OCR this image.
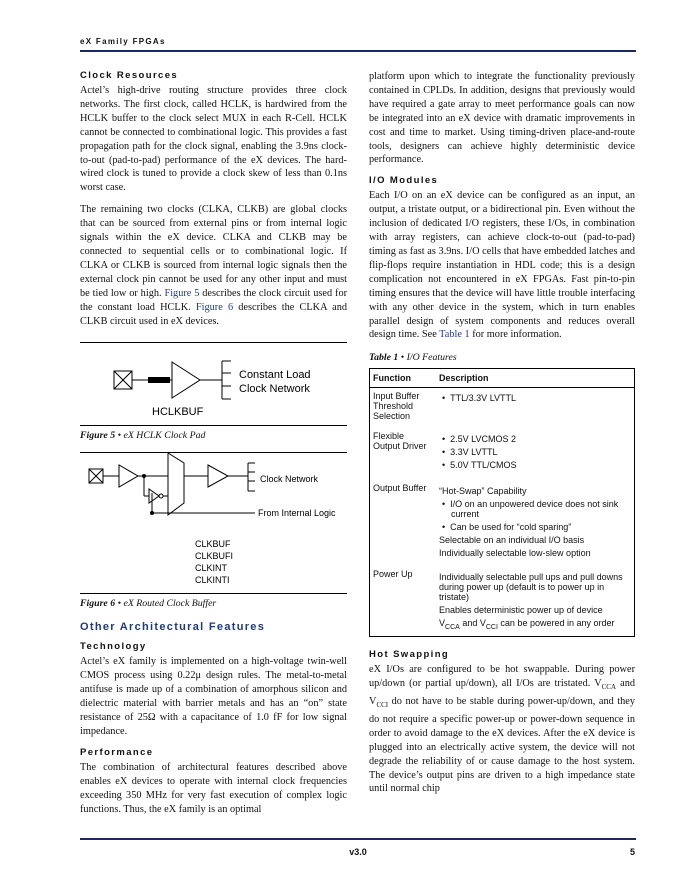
eX Family FPGAs
Clock Resources

Actel’s high-drive routing structure provides three clock networks. The first clock, called HCLK, is hardwired from the HCLK buffer to the clock select MUX in each R-Cell. HCLK cannot be connected to combinational logic. This provides a fast propagation path for the clock signal, enabling the 3.9ns clock-to-out (pad-to-pad) performance of the eX devices. The hard-wired clock is tuned to provide a clock skew of less than 0.1ns worst case.

The remaining two clocks (CLKA, CLKB) are global clocks that can be sourced from external pins or from internal logic signals within the eX device. CLKA and CLKB may be connected to sequential cells or to combinational logic. If CLKA or CLKB is sourced from internal logic signals then the external clock pin cannot be used for any other input and must be tied low or high. Figure 5 describes the clock circuit used for the constant load HCLK. Figure 6 describes the CLKA and CLKB circuit used in eX devices.

Constant Load
Clock Network
HCLKBUF

Figure 5 • eX HCLK Clock Pad

Clock Network
From Internal Logic
CLKBUF
CLKBUFI
CLKINT
CLKINTI

Figure 6 • eX Routed Clock Buffer

Other Architectural Features
Technology

Actel’s eX family is implemented on a high-voltage twin-well CMOS process using 0.22μ design rules. The metal-to-metal antifuse is made up of a combination of amorphous silicon and dielectric material with barrier metals and has an “on” state resistance of 25Ω with a capacitance of 1.0 fF for low signal impedance.

Performance

The combination of architectural features described above enables eX devices to operate with internal clock frequencies exceeding 350 MHz for very fast execution of complex logic functions. Thus, the eX family is an optimal

platform upon which to integrate the functionality previously contained in CPLDs. In addition, designs that previously would have required a gate array to meet performance goals can now be integrated into an eX device with dramatic improvements in cost and time to market. Using timing-driven place-and-route tools, designers can achieve highly deterministic device performance.

I/O Modules

Each I/O on an eX device can be configured as an input, an output, a tristate output, or a bidirectional pin. Even without the inclusion of dedicated I/O registers, these I/Os, in combination with array registers, can achieve clock-to-out (pad-to-pad) timing as fast as 3.9ns. I/O cells that have embedded latches and flip-flops require instantiation in HDL code; this is a design complication not encountered in eX FPGAs. Fast pin-to-pin timing ensures that the device will have little trouble interfacing with any other device in the system, which in turn enables parallel design of system components and reduces overall design time. See Table 1 for more information.

Table 1 • I/O Features

Function	Description
Input Buffer Threshold Selection	• TTL/3.3V LVTTL

Flexible Output Driver	• 2.5V LVCMOS 2
• 3.3V LVTTL
• 5.0V TTL/CMOS

Output Buffer	“Hot-Swap” Capability
• I/O on an unpowered device does not sink current
• Can be used for “cold sparing”
Selectable on an individual I/O basis
Individually selectable low-slew option

Power Up	Individually selectable pull ups and pull downs during power up (default is to power up in tristate)
Enables deterministic power up of device
$V_{CCA}$ and $V_{CCI}$ can be powered in any order
Hot Swapping

eX I/Os are configured to be hot swappable. During power up/down (or partial up/down), all I/Os are tristated. $V_{CCA}$ and $V_{CCI}$ do not have to be stable during power-up/down, and they do not require a specific power-up or power-down sequence in order to avoid damage to the eX devices. After the eX device is plugged into an electrically active system, the device will not degrade the reliability of or cause damage to the host system. The device’s output pins are driven to a high impedance state until normal chip

v3.0	5
